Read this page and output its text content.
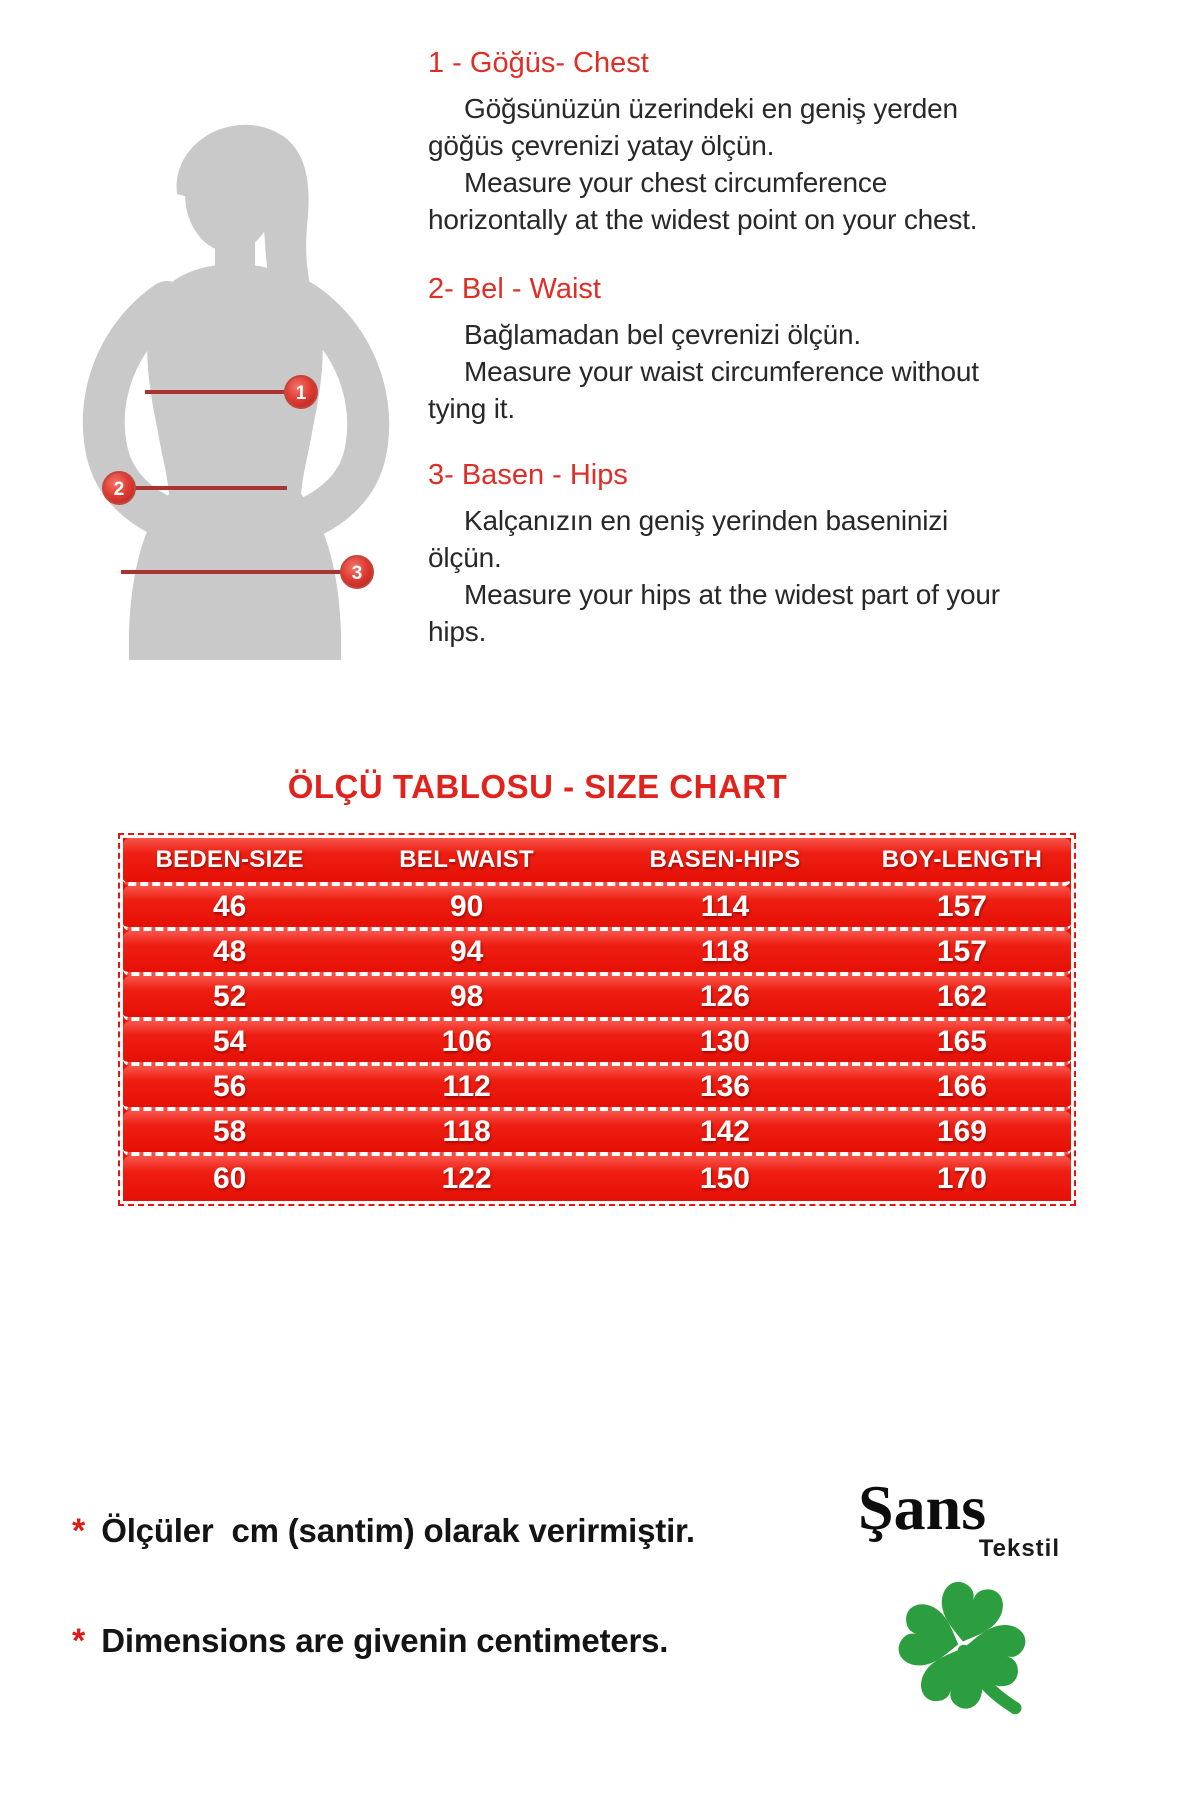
1
2
3
1 - Göğüs- Chest

Göğsünüzün üzerindeki en geniş yerden göğüs çevrenizi yatay ölçün.

Measure your chest circumference horizontally at the widest point on your chest.

2- Bel - Waist

Bağlamadan bel çevrenizi ölçün.

Measure your waist circumference without tying it.

3- Basen - Hips

Kalçanızın en geniş yerinden baseninizi ölçün.

Measure your hips at the widest part of your hips.

ÖLÇÜ TABLOSU - SIZE CHART
BEDEN-SIZE	BEL-WAIST	BASEN-HIPS	BOY-LENGTH
46	90	114	157
48	94	118	157
52	98	126	162
54	106	130	165
56	112	136	166
58	118	142	169
60	122	150	170
* Ölçüler  cm (santim) olarak verirmiştir.
* Dimensions are givenin centimeters.
Şans
Tekstil
